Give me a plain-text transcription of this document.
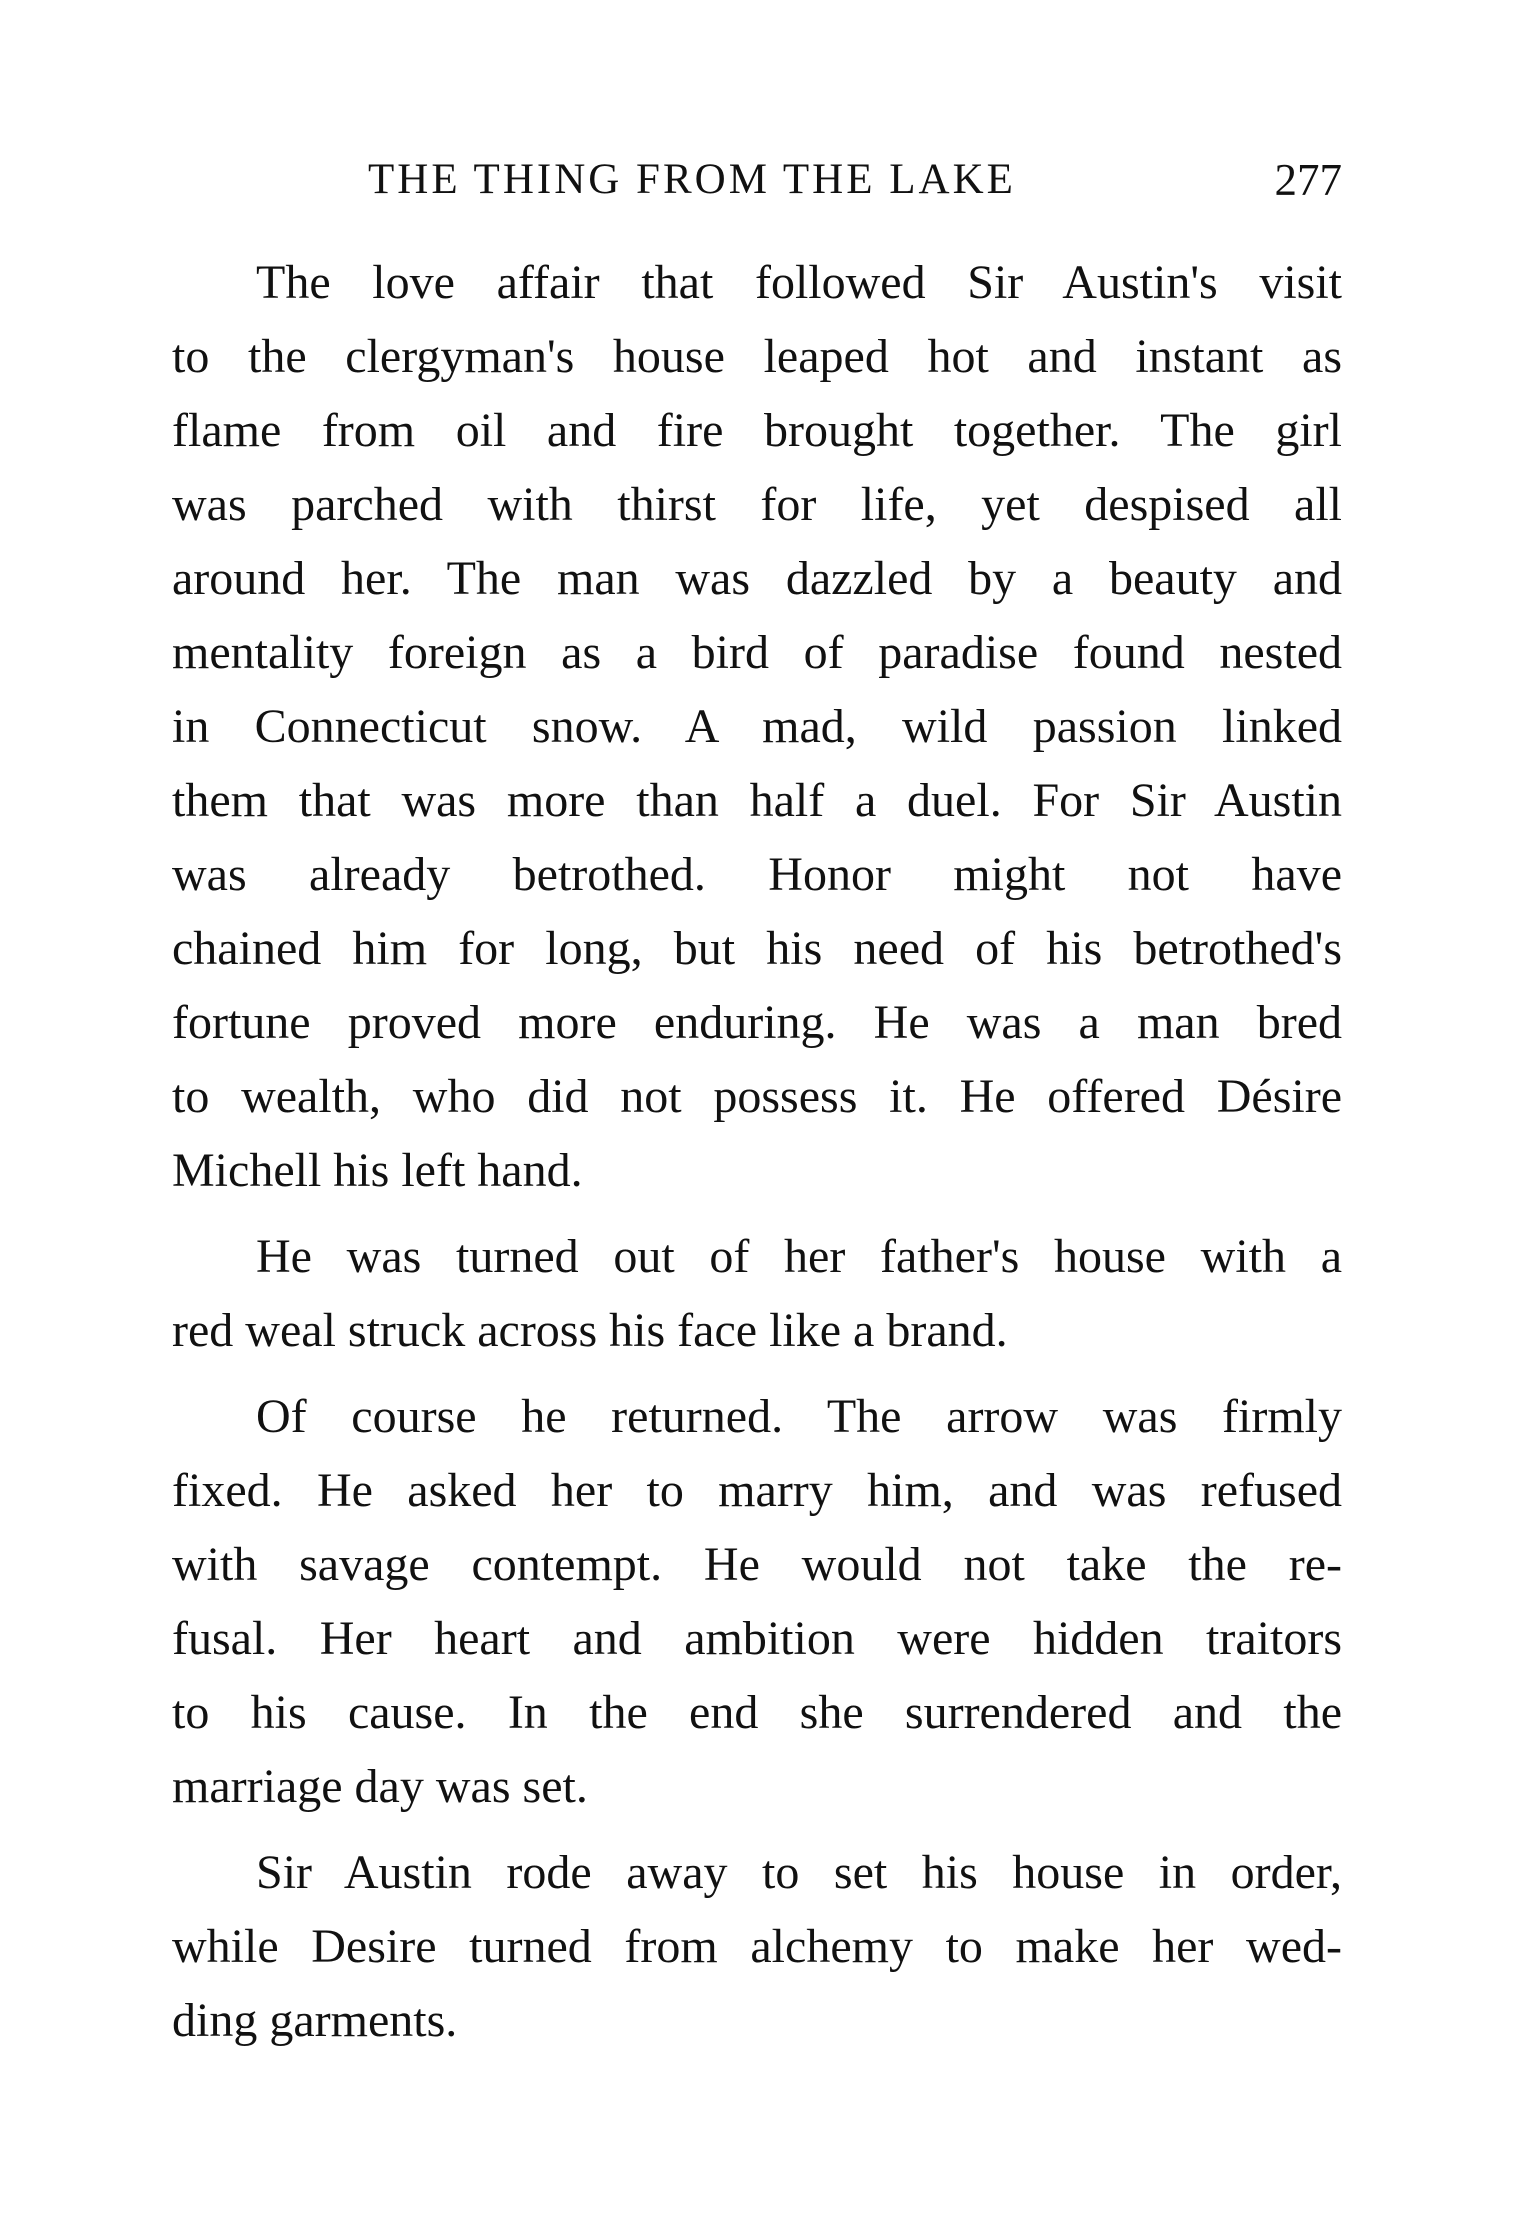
THE THING FROM THE LAKE	277

The love affair that followed Sir Austin's visit
to the clergyman's house leaped hot and instant as
flame from oil and fire brought together. The girl
was parched with thirst for life, yet despised all
around her. The man was dazzled by a beauty and
mentality foreign as a bird of paradise found nested
in Connecticut snow. A mad, wild passion linked
them that was more than half a duel. For Sir Austin
was already betrothed. Honor might not have
chained him for long, but his need of his betrothed's
fortune proved more enduring. He was a man bred
to wealth, who did not possess it. He offered Désire
Michell his left hand.

He was turned out of her father's house with a
red weal struck across his face like a brand.

Of course he returned. The arrow was firmly
fixed. He asked her to marry him, and was refused
with savage contempt. He would not take the re-
fusal. Her heart and ambition were hidden traitors
to his cause. In the end she surrendered and the
marriage day was set.

Sir Austin rode away to set his house in order,
while Desire turned from alchemy to make her wed-
ding garments.
